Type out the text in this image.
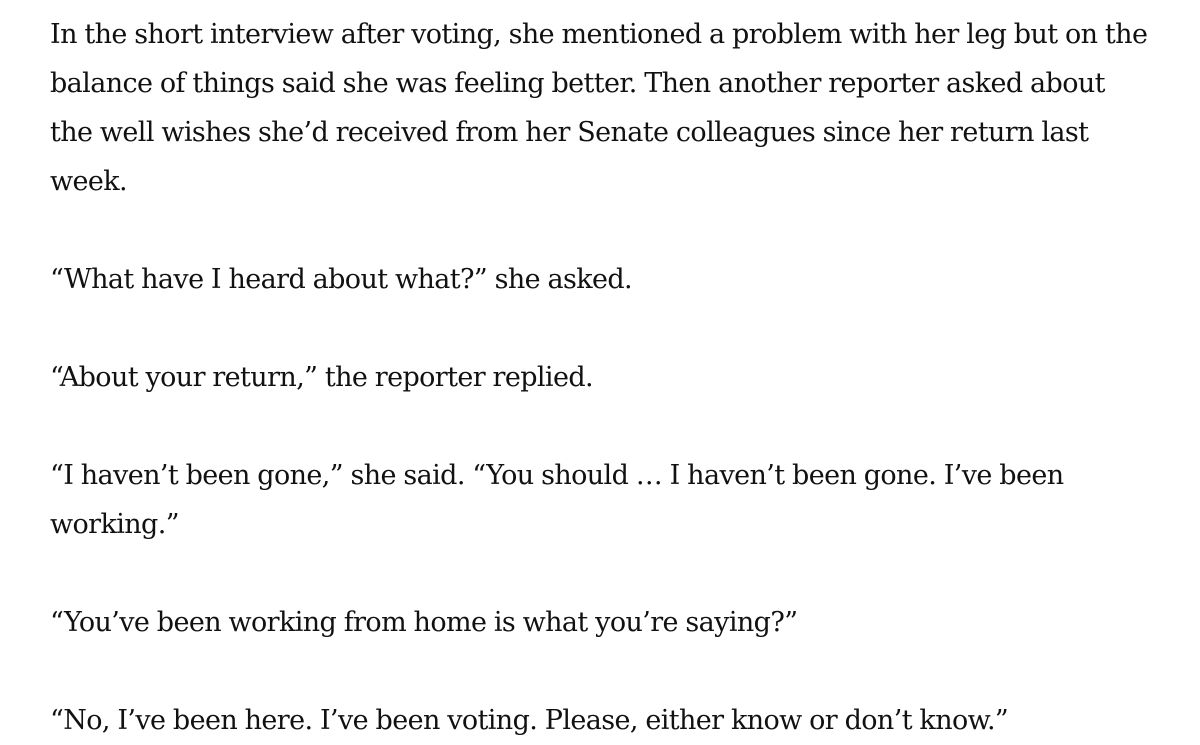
In the short interview after voting, she mentioned a problem with her leg but on the balance of things said she was feeling better. Then another reporter asked about the well wishes she’d received from her Senate colleagues since her return last week.

“What have I heard about what?” she asked.

“About your return,” the reporter replied.

“I haven’t been gone,” she said. “You should … I haven’t been gone. I’ve been working.”

“You’ve been working from home is what you’re saying?”

“No, I’ve been here. I’ve been voting. Please, either know or don’t know.”
